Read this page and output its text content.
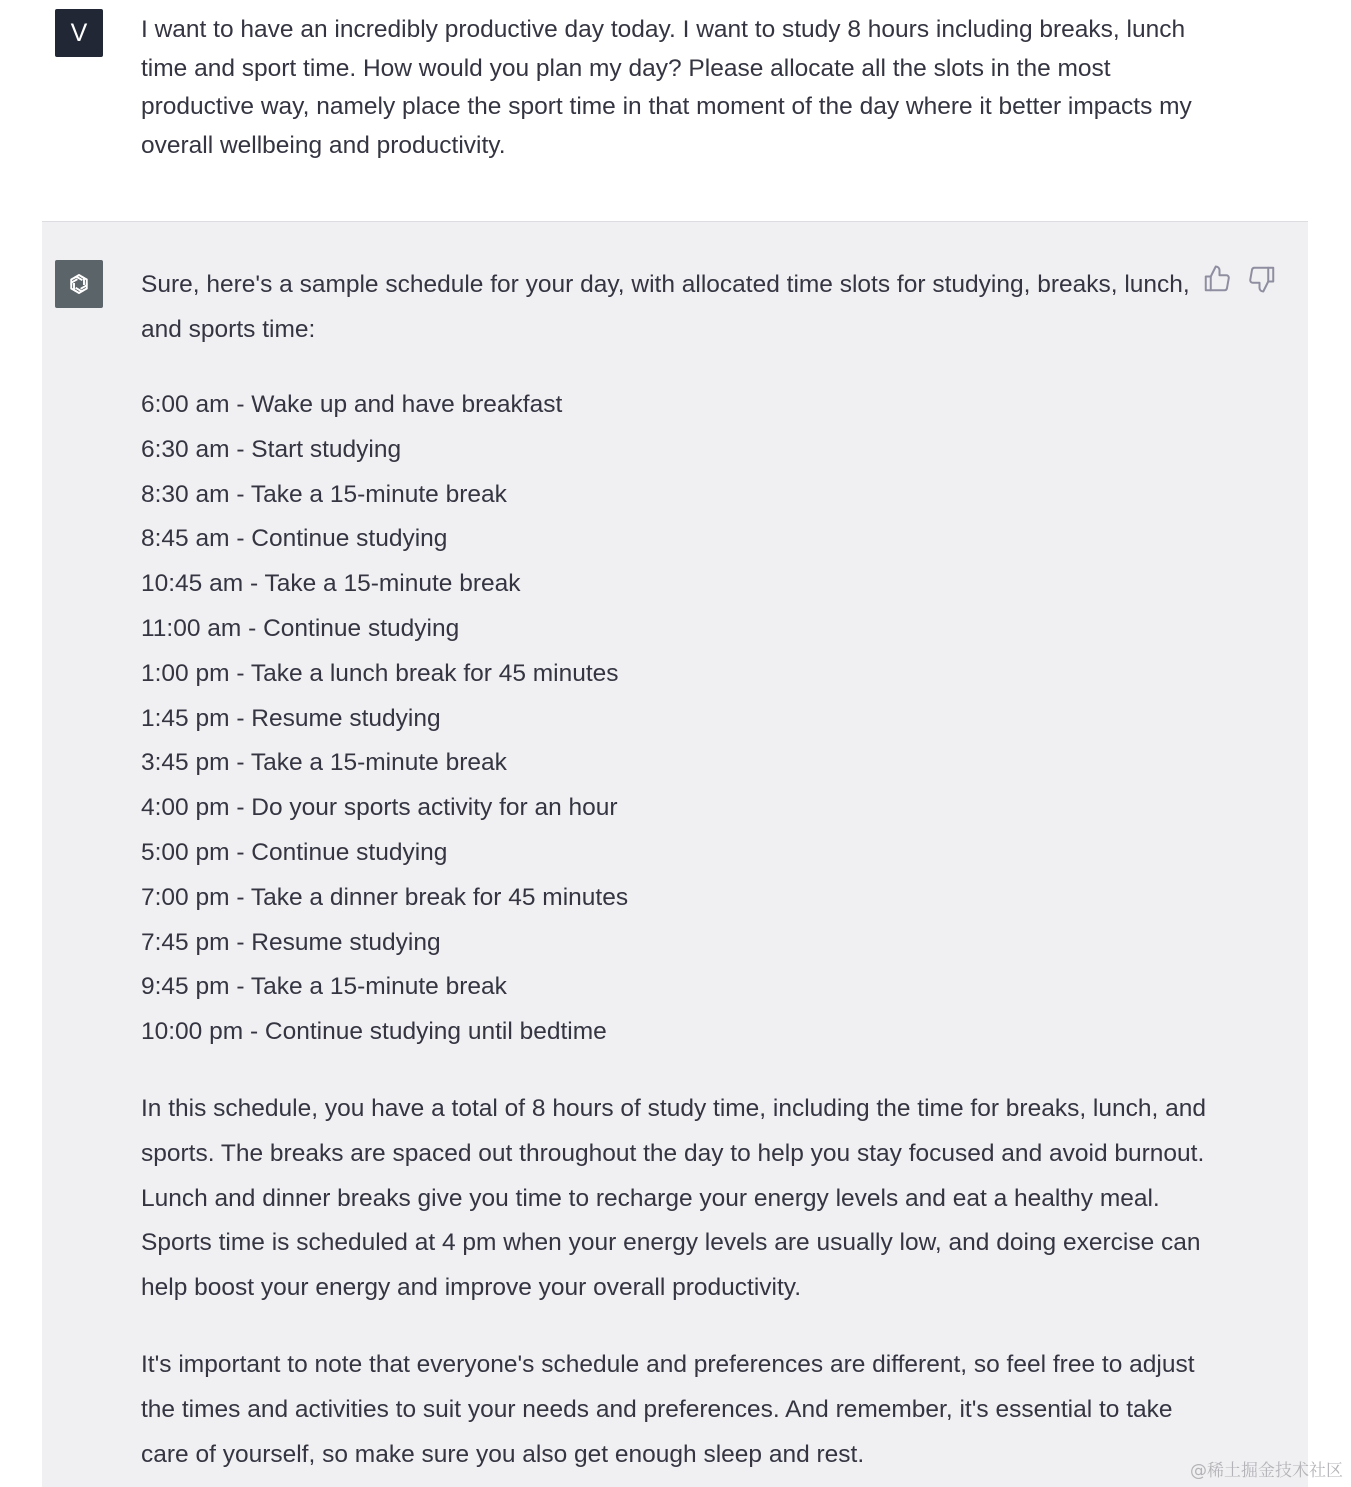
V	I want to have an incredibly productive day today. I want to study 8 hours including breaks, lunch time and sport time. How would you plan my day? Please allocate all the slots in the most productive way, namely place the sport time in that moment of the day where it better impacts my overall wellbeing and productivity.

Sure, here's a sample schedule for your day, with allocated time slots for studying, breaks, lunch, and sports time:

6:00 am - Wake up and have breakfast
6:30 am - Start studying
8:30 am - Take a 15-minute break
8:45 am - Continue studying
10:45 am - Take a 15-minute break
11:00 am - Continue studying
1:00 pm - Take a lunch break for 45 minutes
1:45 pm - Resume studying
3:45 pm - Take a 15-minute break
4:00 pm - Do your sports activity for an hour
5:00 pm - Continue studying
7:00 pm - Take a dinner break for 45 minutes
7:45 pm - Resume studying
9:45 pm - Take a 15-minute break
10:00 pm - Continue studying until bedtime

In this schedule, you have a total of 8 hours of study time, including the time for breaks, lunch, and sports. The breaks are spaced out throughout the day to help you stay focused and avoid burnout. Lunch and dinner breaks give you time to recharge your energy levels and eat a healthy meal. Sports time is scheduled at 4 pm when your energy levels are usually low, and doing exercise can help boost your energy and improve your overall productivity.

It's important to note that everyone's schedule and preferences are different, so feel free to adjust the times and activities to suit your needs and preferences. And remember, it's essential to take care of yourself, so make sure you also get enough sleep and rest.

@稀土掘金技术社区
